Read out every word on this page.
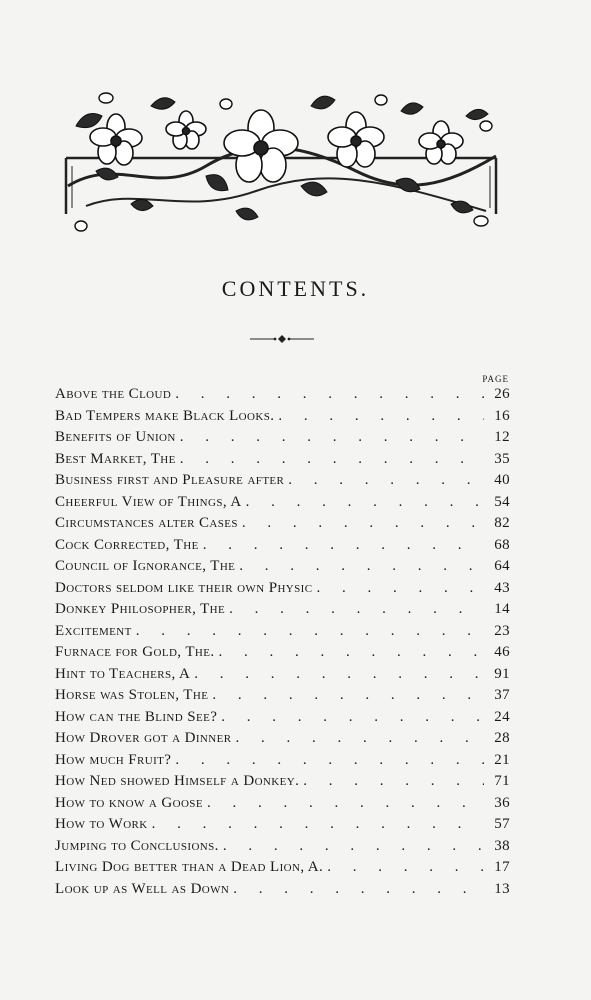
CONTENTS.
PAGE
Above the Cloud . . .	26
Bad Tempers make Black Looks. . . .	16
Benefits of Union . . .	12
Best Market, The . . .	35
Business first and Pleasure after . . .	40
Cheerful View of Things, A . . .	54
Circumstances alter Cases . . .	82
Cock Corrected, The . . .	68
Council of Ignorance, The . . .	64
Doctors seldom like their own Physic . . .	43
Donkey Philosopher, The . . .	14
Excitement . . .	23
Furnace for Gold, The. . . .	46
Hint to Teachers, A . . .	91
Horse was Stolen, The . . .	37
How can the Blind See? . . .	24
How Drover got a Dinner . . .	28
How much Fruit? . . .	21
How Ned showed Himself a Donkey. . . .	71
How to know a Goose . . .	36
How to Work . . .	57
Jumping to Conclusions. . . .	38
Living Dog better than a Dead Lion, A. . . .	17
Look up as Well as Down . . .	13
